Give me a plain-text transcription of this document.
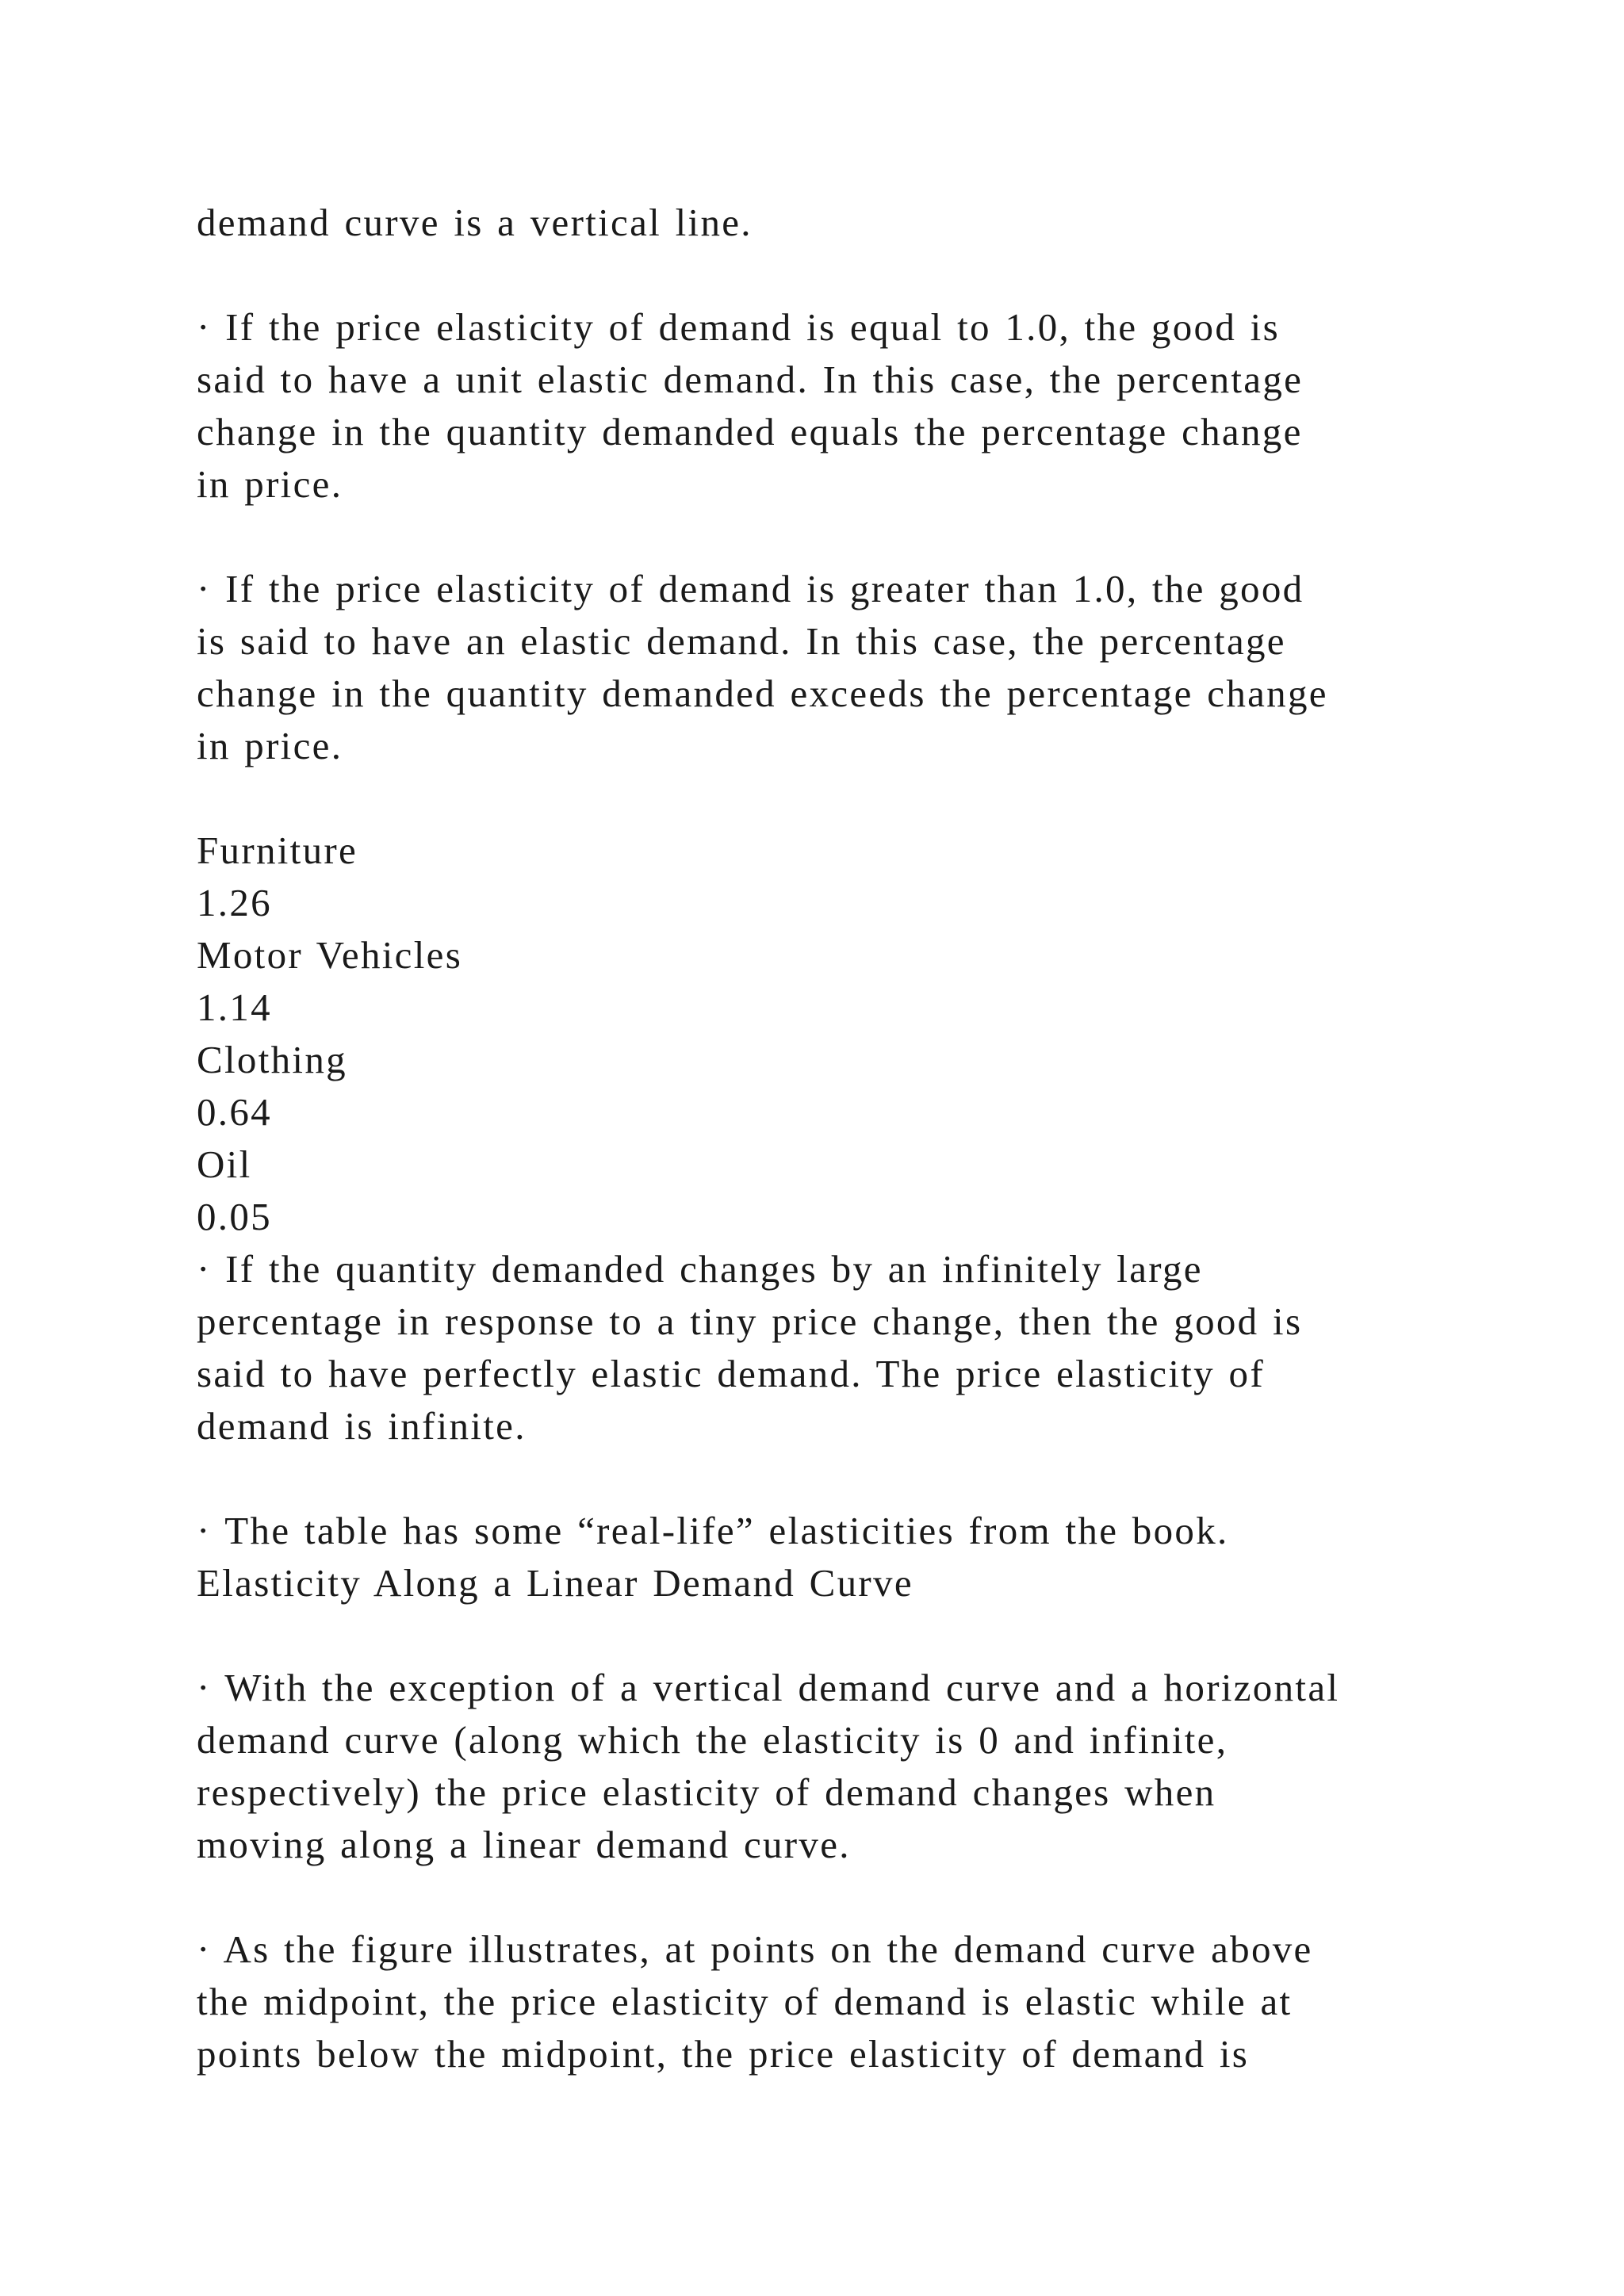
demand curve is a vertical line.
· If the price elasticity of demand is equal to 1.0, the good is
said to have a unit elastic demand. In this case, the percentage
change in the quantity demanded equals the percentage change
in price.
· If the price elasticity of demand is greater than 1.0, the good
is said to have an elastic demand. In this case, the percentage
change in the quantity demanded exceeds the percentage change
in price.
Furniture
1.26
Motor Vehicles
1.14
Clothing
0.64
Oil
0.05
· If the quantity demanded changes by an infinitely large
percentage in response to a tiny price change, then the good is
said to have perfectly elastic demand. The price elasticity of
demand is infinite.
· The table has some “real-life” elasticities from the book.
Elasticity Along a Linear Demand Curve
· With the exception of a vertical demand curve and a horizontal
demand curve (along which the elasticity is 0 and infinite,
respectively) the price elasticity of demand changes when
moving along a linear demand curve.
· As the figure illustrates, at points on the demand curve above
the midpoint, the price elasticity of demand is elastic while at
points below the midpoint, the price elasticity of demand is
